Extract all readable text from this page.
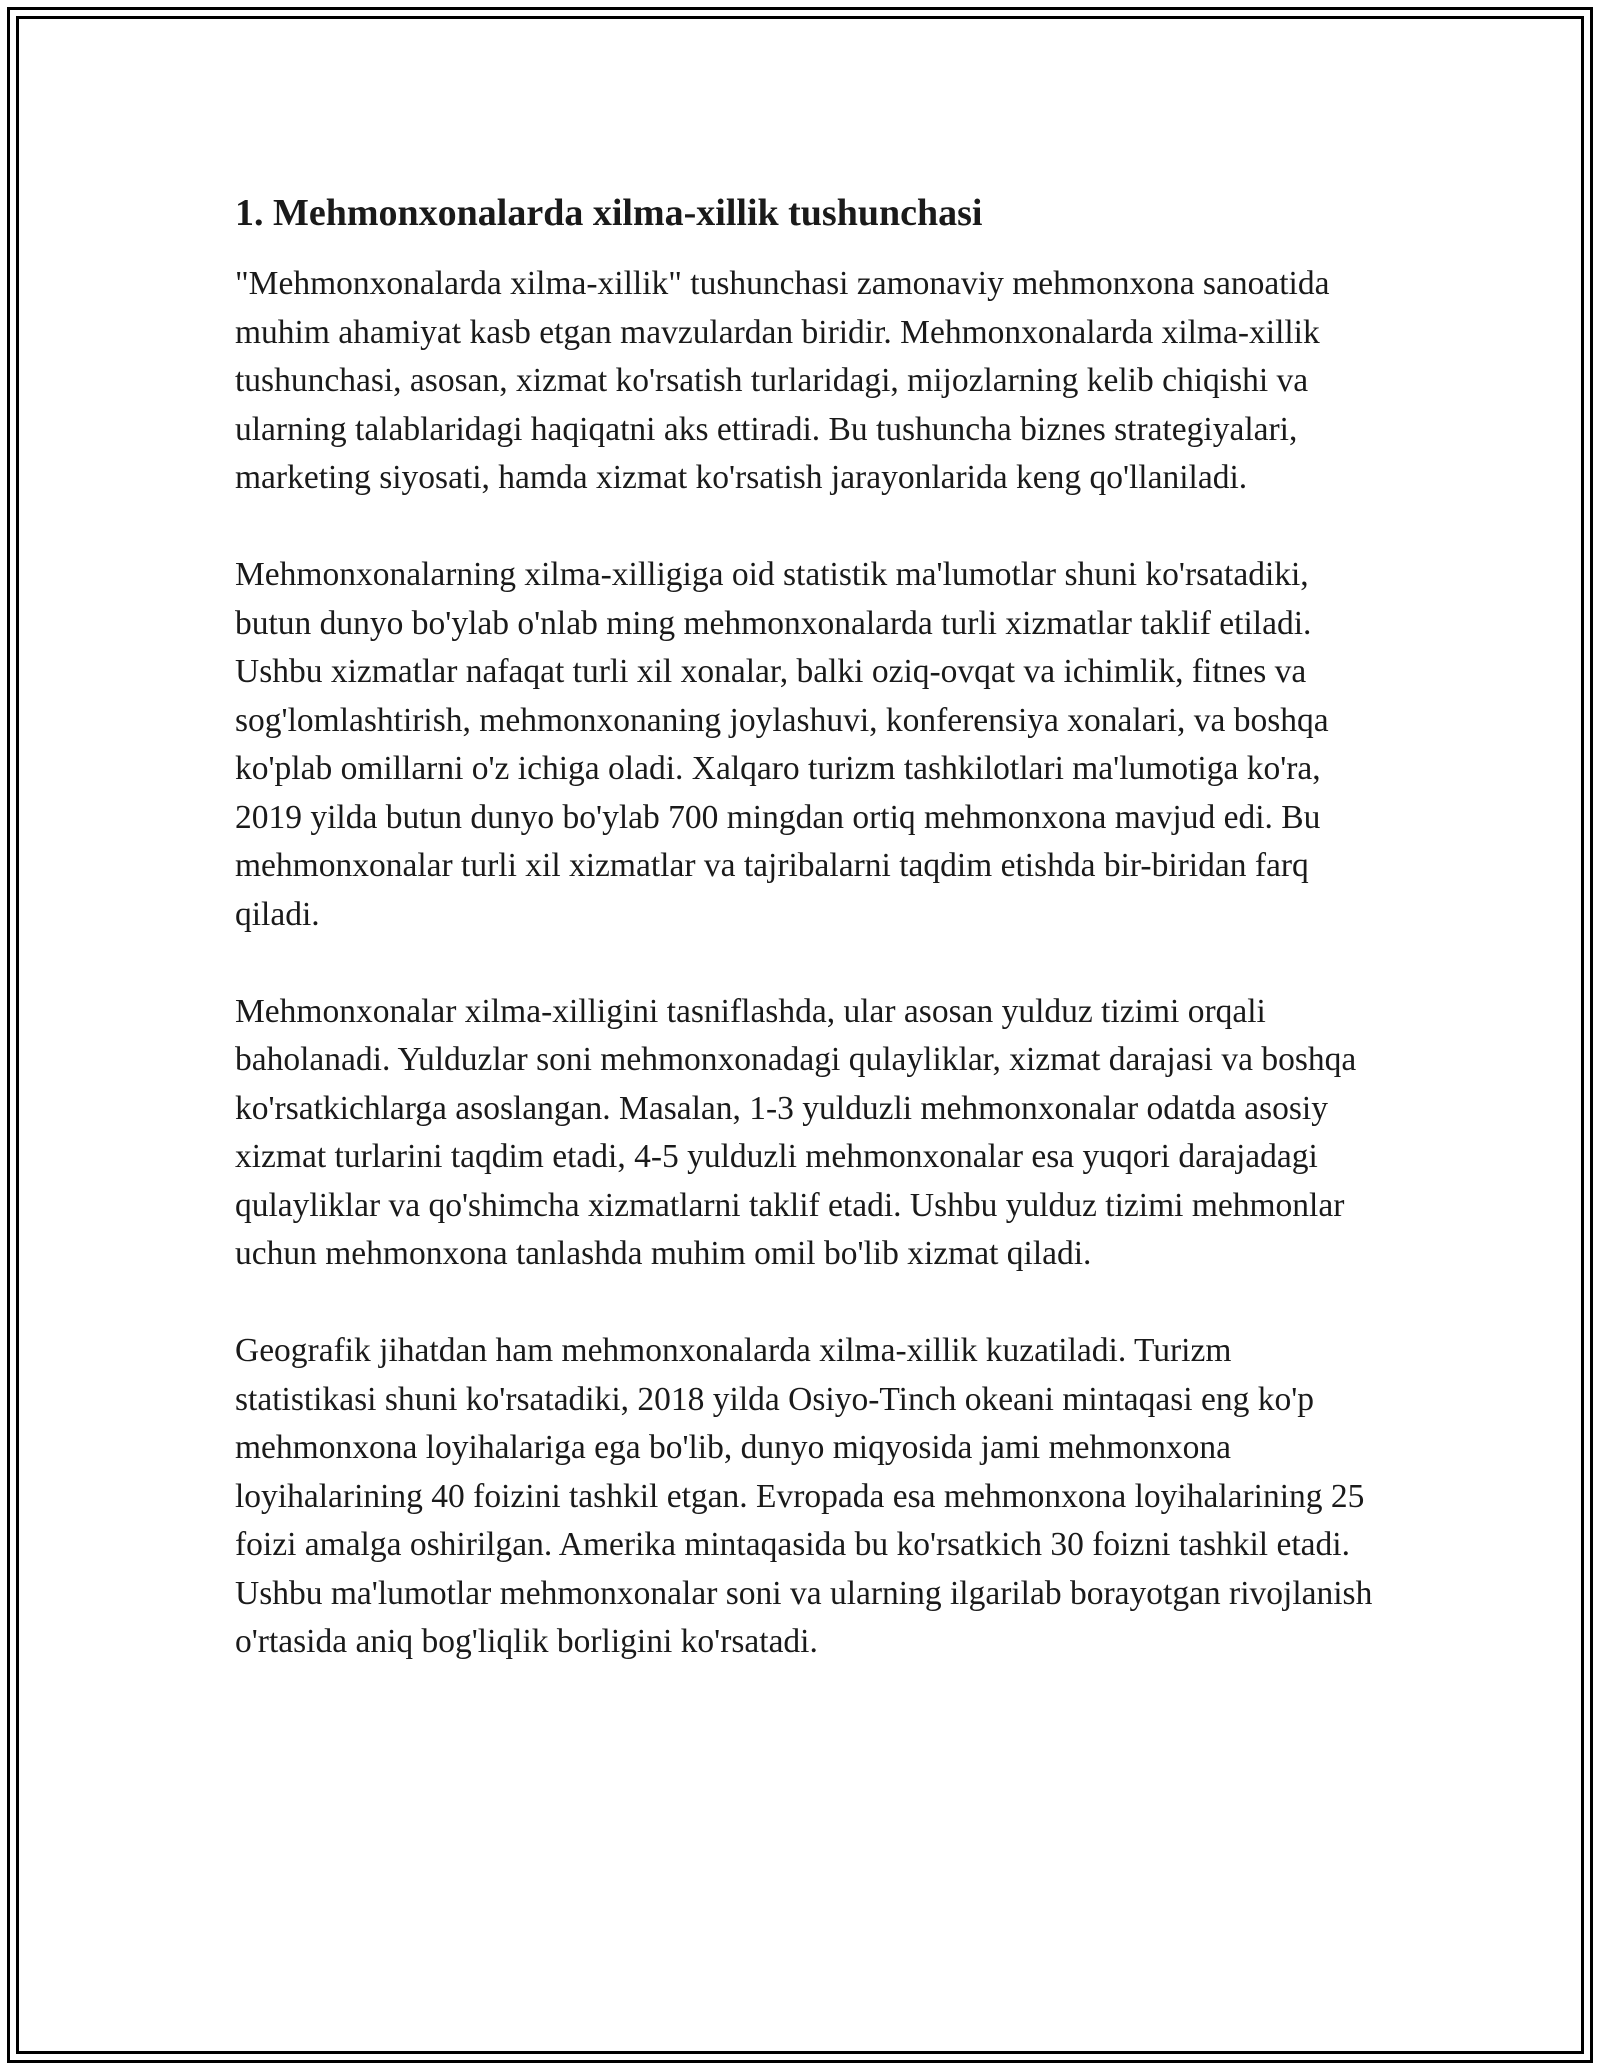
1. Mehmonxonalarda xilma-xillik tushunchasi

"Mehmonxonalarda xilma-xillik" tushunchasi zamonaviy mehmonxona sanoatida muhim ahamiyat kasb etgan mavzulardan biridir. Mehmonxonalarda xilma-xillik tushunchasi, asosan, xizmat ko'rsatish turlaridagi, mijozlarning kelib chiqishi va ularning talablaridagi haqiqatni aks ettiradi. Bu tushuncha biznes strategiyalari, marketing siyosati, hamda xizmat ko'rsatish jarayonlarida keng qo'llaniladi.

Mehmonxonalarning xilma-xilligiga oid statistik ma'lumotlar shuni ko'rsatadiki, butun dunyo bo'ylab o'nlab ming mehmonxonalarda turli xizmatlar taklif etiladi. Ushbu xizmatlar nafaqat turli xil xonalar, balki oziq-ovqat va ichimlik, fitnes va sog'lomlashtirish, mehmonxonaning joylashuvi, konferensiya xonalari, va boshqa ko'plab omillarni o'z ichiga oladi. Xalqaro turizm tashkilotlari ma'lumotiga ko'ra, 2019 yilda butun dunyo bo'ylab 700 mingdan ortiq mehmonxona mavjud edi. Bu mehmonxonalar turli xil xizmatlar va tajribalarni taqdim etishda bir-biridan farq qiladi.

Mehmonxonalar xilma-xilligini tasniflashda, ular asosan yulduz tizimi orqali baholanadi. Yulduzlar soni mehmonxonadagi qulayliklar, xizmat darajasi va boshqa ko'rsatkichlarga asoslangan. Masalan, 1-3 yulduzli mehmonxonalar odatda asosiy xizmat turlarini taqdim etadi, 4-5 yulduzli mehmonxonalar esa yuqori darajadagi qulayliklar va qo'shimcha xizmatlarni taklif etadi. Ushbu yulduz tizimi mehmonlar uchun mehmonxona tanlashda muhim omil bo'lib xizmat qiladi.

Geografik jihatdan ham mehmonxonalarda xilma-xillik kuzatiladi. Turizm statistikasi shuni ko'rsatadiki, 2018 yilda Osiyo-Tinch okeani mintaqasi eng ko'p mehmonxona loyihalariga ega bo'lib, dunyo miqyosida jami mehmonxona loyihalarining 40 foizini tashkil etgan. Evropada esa mehmonxona loyihalarining 25 foizi amalga oshirilgan. Amerika mintaqasida bu ko'rsatkich 30 foizni tashkil etadi. Ushbu ma'lumotlar mehmonxonalar soni va ularning ilgarilab borayotgan rivojlanish o'rtasida aniq bog'liqlik borligini ko'rsatadi.
